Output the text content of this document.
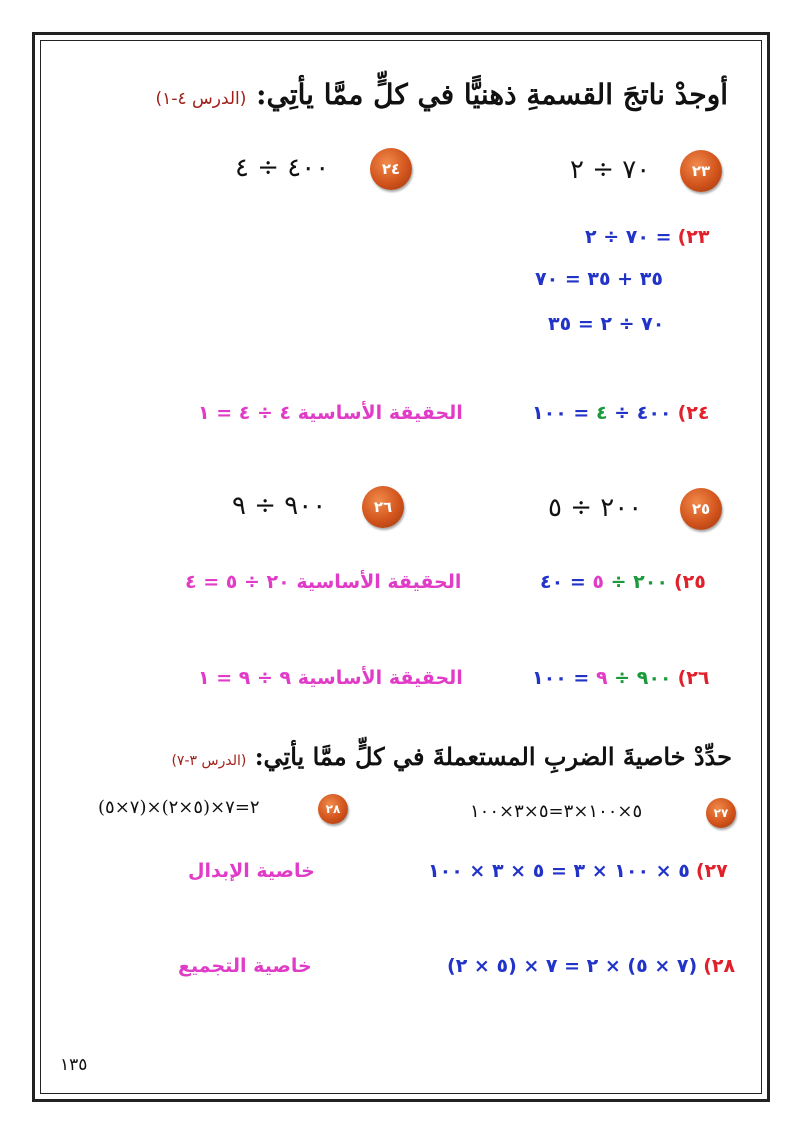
أوجدْ ناتجَ القسمةِ ذهنيًّا في كلٍّ ممَّا يأتِي: (الدرس ٤-١)
٢٣
٧٠ ÷ ٢
٢٤
٤٠٠ ÷ ٤
٢٣) ٧٠ ÷ ٢ =
٣٥ + ٣٥ = ٧٠
٧٠ ÷ ٢ = ٣٥
٢٤) ٤٠٠ ÷ ٤ = ١٠٠
الحقيقة الأساسية ٤ ÷ ٤ = ١
٢٥
٢٠٠ ÷ ٥
٢٦
٩٠٠ ÷ ٩
٢٥) ٢٠٠ ÷ ٥ = ٤٠
الحقيقة الأساسية ٢٠ ÷ ٥ = ٤
٢٦) ٩٠٠ ÷ ٩ = ١٠٠
الحقيقة الأساسية ٩ ÷ ٩ = ١
حدِّدْ خاصيةَ الضربِ المستعملةَ في كلٍّ ممَّا يأتِي: (الدرس ٣-٧)
٢٧
٥×١٠٠×٣=٥×٣×١٠٠
٢٨
(٧×٥)×٢=٧×(٥×٢)
٢٧) ٥ × ١٠٠ × ٣ = ٥ × ٣ × ١٠٠
خاصية الإبدال
٢٨) (٧ × ٥) × ٢ = ٧ × (٥ × ٢)
خاصية التجميع
١٣٥
